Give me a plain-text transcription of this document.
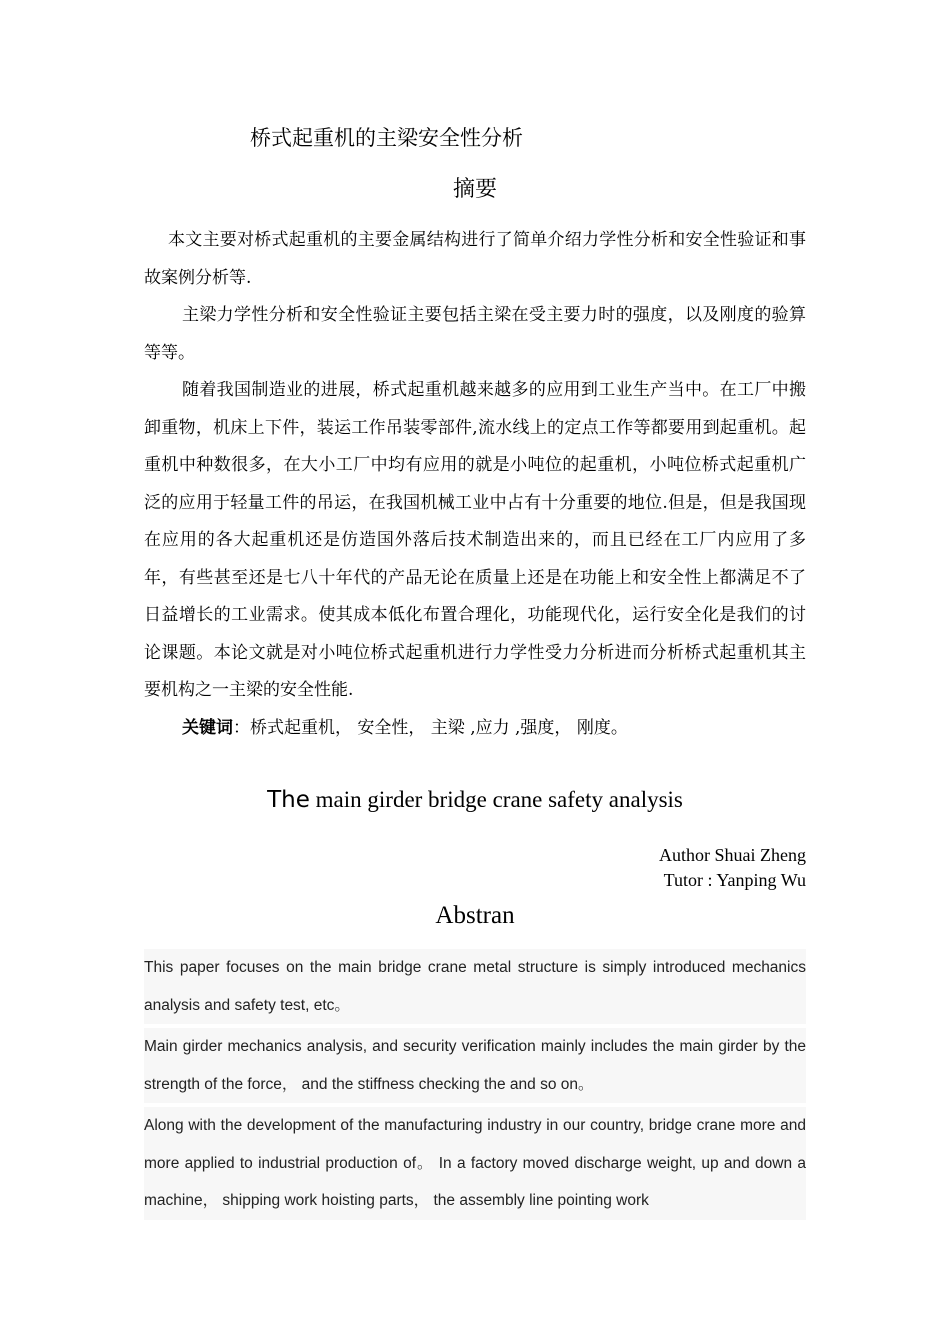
桥式起重机的主梁安全性分析
摘要

本文主要对桥式起重机的主要金属结构进行了简单介绍力学性分析和安全性验证和事故案例分析等.

主梁力学性分析和安全性验证主要包括主梁在受主要力时的强度，以及刚度的验算等等。

随着我国制造业的进展，桥式起重机越来越多的应用到工业生产当中。在工厂中搬卸重物，机床上下件，装运工作吊装零部件,流水线上的定点工作等都要用到起重机。起重机中种数很多，在大小工厂中均有应用的就是小吨位的起重机，小吨位桥式起重机广泛的应用于轻量工件的吊运，在我国机械工业中占有十分重要的地位.但是，但是我国现在应用的各大起重机还是仿造国外落后技术制造出来的，而且已经在工厂内应用了多年，有些甚至还是七八十年代的产品无论在质量上还是在功能上和安全性上都满足不了日益增长的工业需求。使其成本低化布置合理化，功能现代化，运行安全化是我们的讨论课题。本论文就是对小吨位桥式起重机进行力学性受力分析进而分析桥式起重机其主要机构之一主梁的安全性能.

关键词：桥式起重机， 安全性， 主梁 ,应力 ,强度， 刚度。

The main girder bridge crane safety analysis
Author Shuai Zheng
Tutor : Yanping Wu
Abstran

This paper focuses on the main bridge crane metal structure is simply introduced mechanics analysis and safety test, etc。

Main girder mechanics analysis, and security verification mainly includes the main girder by the strength of the force， and the stiffness checking the and so on。

Along with the development of the manufacturing industry in our country, bridge crane more and more applied to industrial production of。 In a factory moved discharge weight, up and down a machine， shipping work hoisting parts， the assembly line pointing work
